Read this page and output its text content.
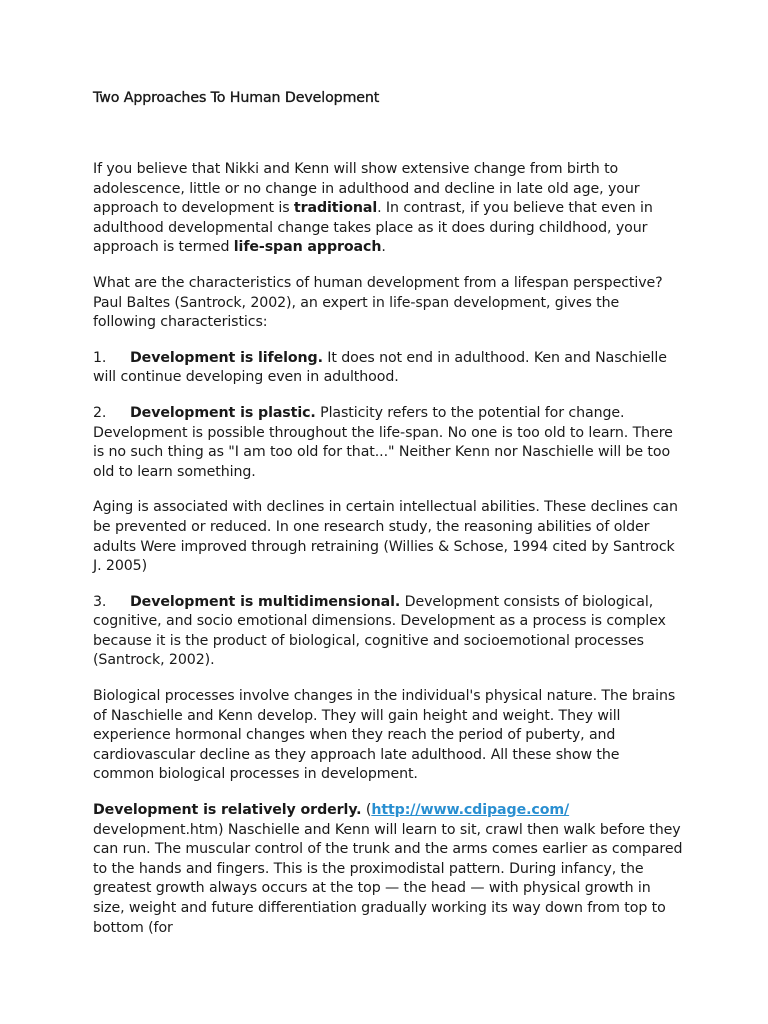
Two Approaches To Human Development

If you believe that Nikki and Kenn will show extensive change from birth to adolescence, little or no change in adulthood and decline in late old age, your approach to development is traditional. In contrast, if you believe that even in adulthood developmental change takes place as it does during childhood, your approach is termed life-span approach.

What are the characteristics of human development from a lifespan perspective? Paul Baltes (Santrock, 2002), an expert in life-span development, gives the following characteristics:

1. Development is lifelong. It does not end in adulthood. Ken and Naschielle will continue developing even in adulthood.

2. Development is plastic. Plasticity refers to the potential for change. Development is possible throughout the life-span. No one is too old to learn. There is no such thing as "I am too old for that..." Neither Kenn nor Naschielle will be too old to learn something.

Aging is associated with declines in certain intellectual abilities. These declines can be prevented or reduced. In one research study, the reasoning abilities of older adults Were improved through retraining (Willies & Schose, 1994 cited by Santrock J. 2005)

3. Development is multidimensional. Development consists of biological, cognitive, and socio emotional dimensions. Development as a process is complex because it is the product of biological, cognitive and socioemotional processes (Santrock, 2002).

Biological processes involve changes in the individual's physical nature. The brains of Naschielle and Kenn develop. They will gain height and weight. They will experience hormonal changes when they reach the period of puberty, and cardiovascular decline as they approach late adulthood. All these show the common biological processes in development.

Development is relatively orderly. (http://www.cdipage.com/ development.htm) Naschielle and Kenn will learn to sit, crawl then walk before they can run. The muscular control of the trunk and the arms comes earlier as compared to the hands and fingers. This is the proximodistal pattern. During infancy, the greatest growth always occurs at the top — the head — with physical growth in size, weight and future differentiation gradually working its way down from top to bottom (for
